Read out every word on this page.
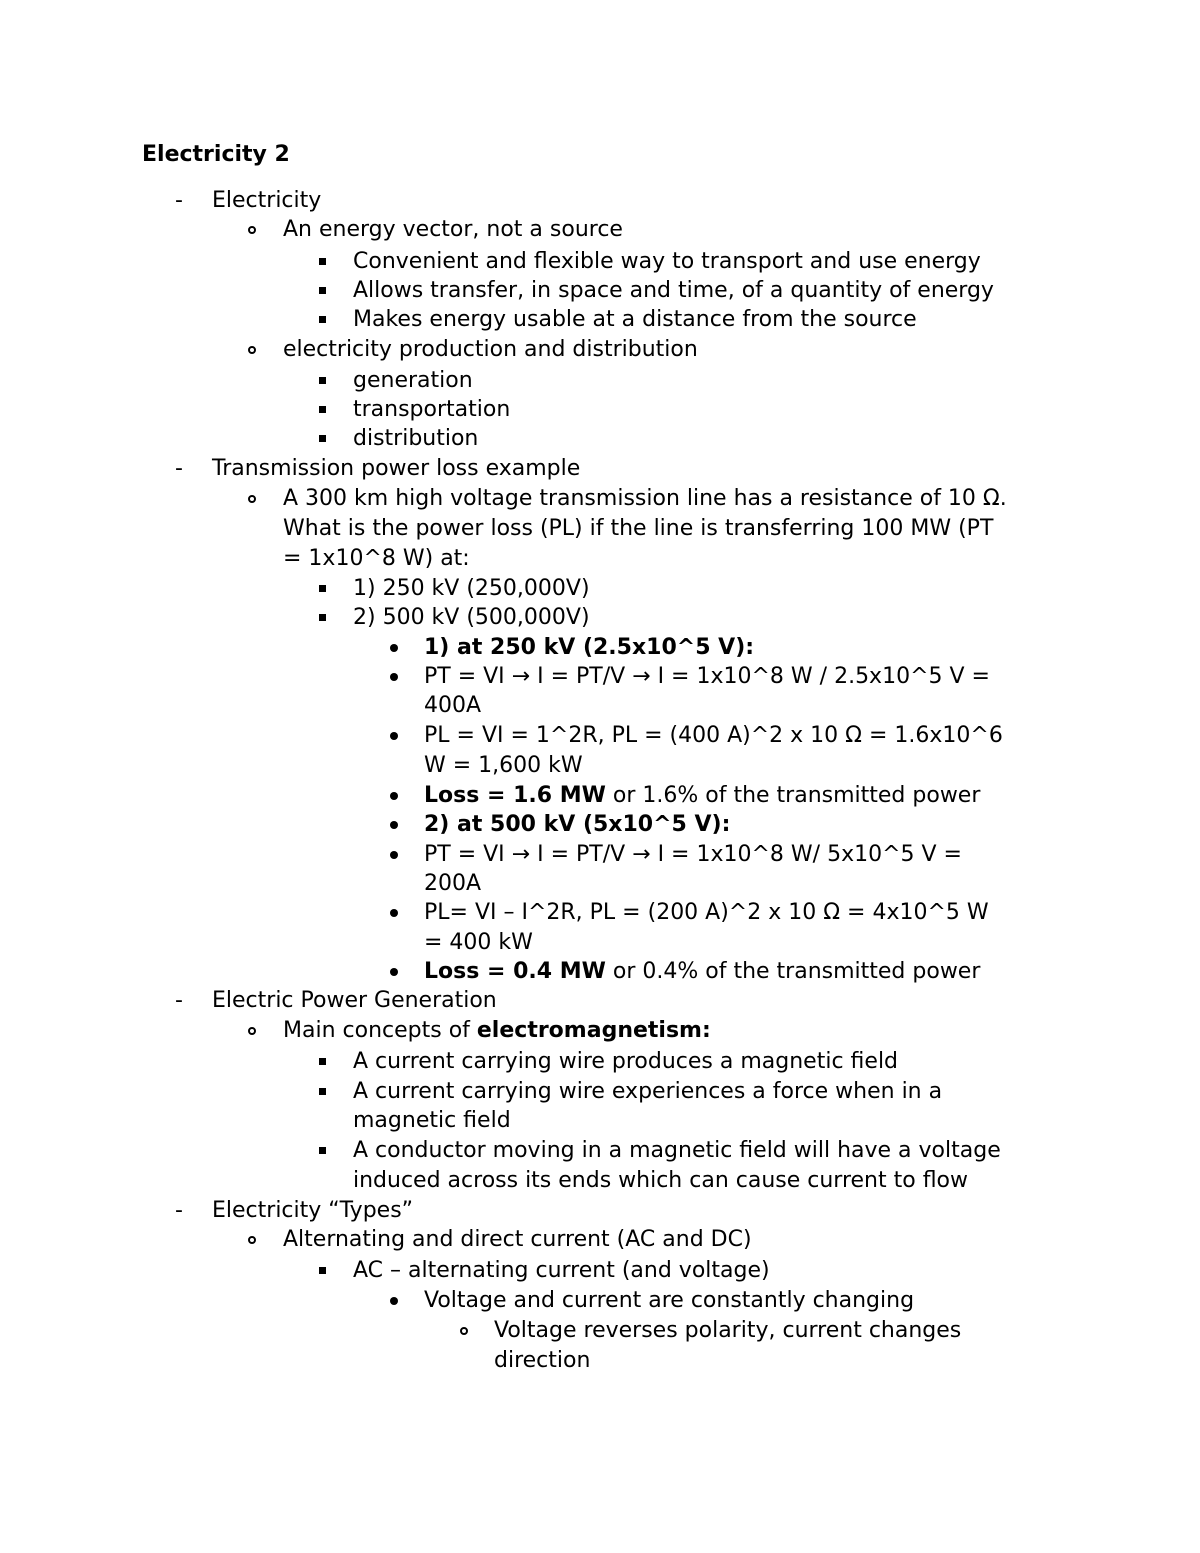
Electricity 2
- Electricity
An energy vector, not a source
Convenient and flexible way to transport and use energy
Allows transfer, in space and time, of a quantity of energy
Makes energy usable at a distance from the source
electricity production and distribution
generation
transportation
distribution
- Transmission power loss example
A 300 km high voltage transmission line has a resistance of 10 Ω.
What is the power loss (PL) if the line is transferring 100 MW (PT
= 1x10^8 W) at:
1) 250 kV (250,000V)
2) 500 kV (500,000V)
1) at 250 kV (2.5x10^5 V):
PT = VI → I = PT/V → I = 1x10^8 W / 2.5x10^5 V =
400A
PL = VI = 1^2R, PL = (400 A)^2 x 10 Ω = 1.6x10^6
W = 1,600 kW
Loss = 1.6 MW or 1.6% of the transmitted power
2) at 500 kV (5x10^5 V):
PT = VI → I = PT/V → I = 1x10^8 W/ 5x10^5 V =
200A
PL= VI – I^2R, PL = (200 A)^2 x 10 Ω = 4x10^5 W
= 400 kW
Loss = 0.4 MW or 0.4% of the transmitted power
- Electric Power Generation
Main concepts of electromagnetism:
A current carrying wire produces a magnetic field
A current carrying wire experiences a force when in a
magnetic field
A conductor moving in a magnetic field will have a voltage
induced across its ends which can cause current to flow
- Electricity “Types”
Alternating and direct current (AC and DC)
AC – alternating current (and voltage)
Voltage and current are constantly changing
Voltage reverses polarity, current changes
direction
